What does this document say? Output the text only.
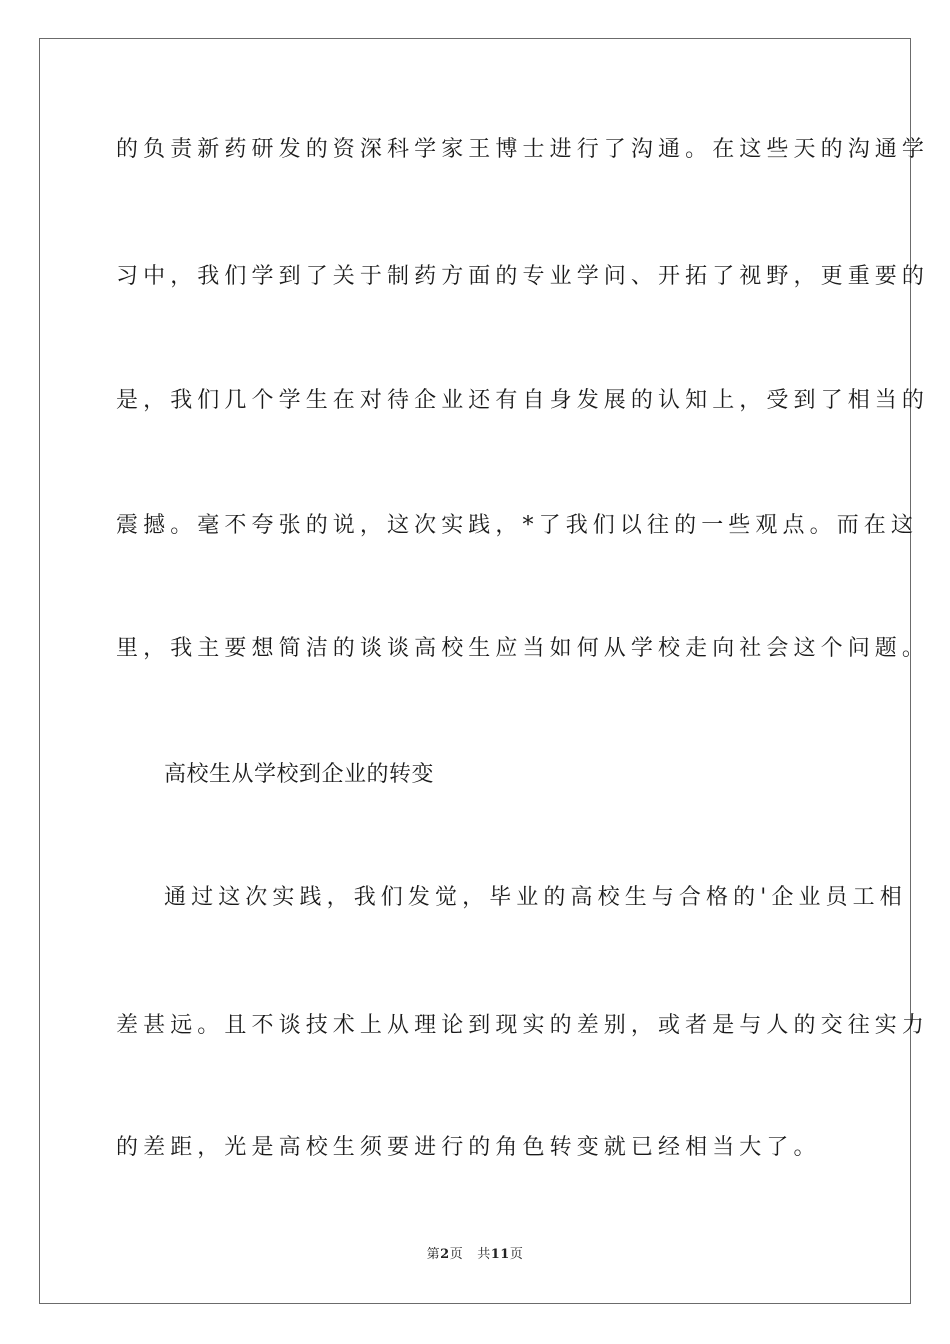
的负责新药研发的资深科学家王博士进行了沟通。在这些天的沟通学

习中，我们学到了关于制药方面的专业学问、开拓了视野，更重要的

是，我们几个学生在对待企业还有自身发展的认知上，受到了相当的

震撼。毫不夸张的说，这次实践，*了我们以往的一些观点。而在这

里，我主要想简洁的谈谈高校生应当如何从学校走向社会这个问题。

高校生从学校到企业的转变

通过这次实践，我们发觉，毕业的高校生与合格的'企业员工相

差甚远。且不谈技术上从理论到现实的差别，或者是与人的交往实力

的差距，光是高校生须要进行的角色转变就已经相当大了。

第2页 共11页
